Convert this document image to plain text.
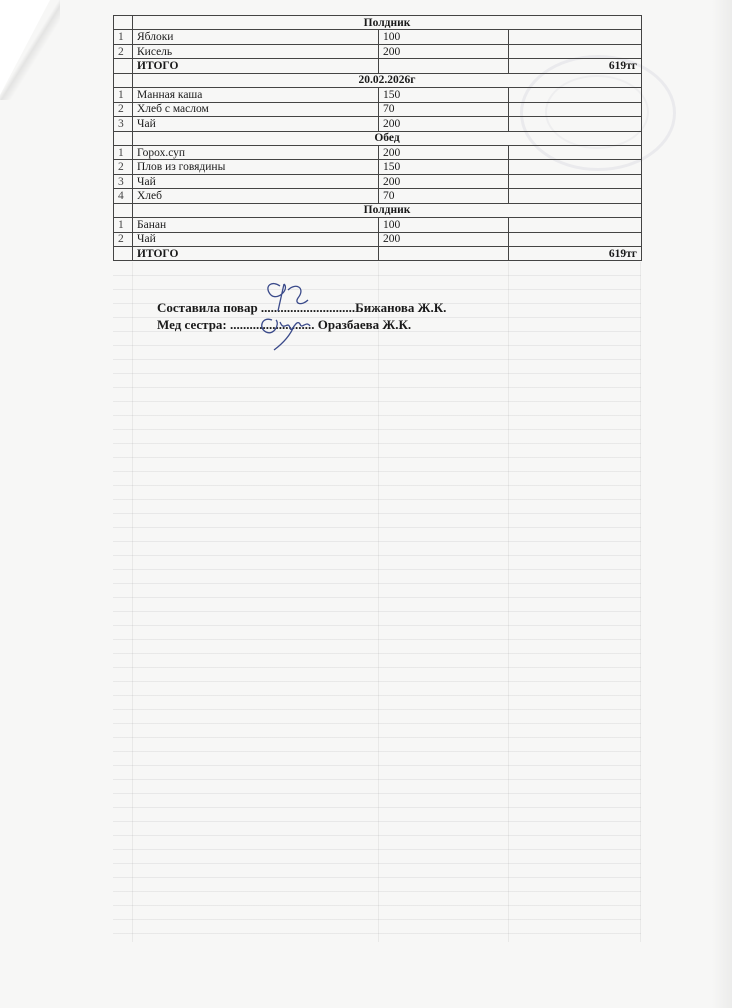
	Полдник		
1	Яблоки	100	
2	Кисель	200	
	ИТОГО		619тг
	20.02.2026г		
1	Манная каша	150	
2	Хлеб с маслом	70	
3	Чай	200	
	Обед		
1	Горох.суп	200	
2	Плов из говядины	150	
3	Чай	200	
4	Хлеб	70	
	Полдник		
1	Банан	100	
2	Чай	200	
	ИТОГО		619тг
Составила повар .............................Бижанова Ж.К.
Мед сестра: .......................... Оразбаева Ж.К.
